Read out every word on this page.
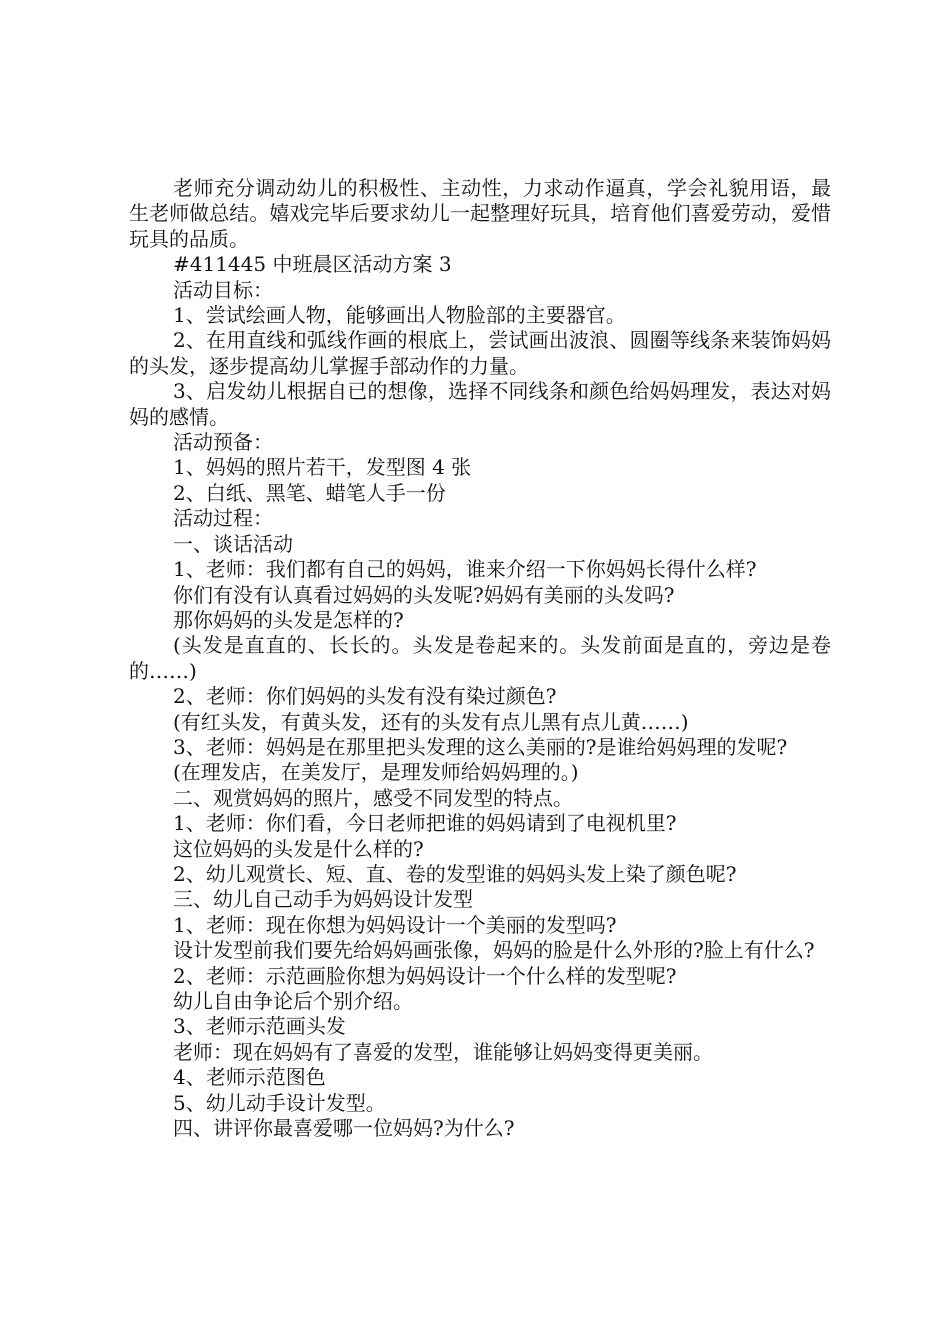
老师充分调动幼儿的积极性、主动性，力求动作逼真，学会礼貌用语，最生老师做总结。嬉戏完毕后要求幼儿一起整理好玩具，培育他们喜爱劳动，爱惜玩具的品质。

#411445 中班晨区活动方案 3

活动目标：

1、尝试绘画人物，能够画出人物脸部的主要器官。

2、在用直线和弧线作画的根底上，尝试画出波浪、圆圈等线条来装饰妈妈的头发，逐步提高幼儿掌握手部动作的力量。

3、启发幼儿根据自已的想像，选择不同线条和颜色给妈妈理发，表达对妈妈的感情。

活动预备：

1、妈妈的照片若干，发型图 4 张

2、白纸、黑笔、蜡笔人手一份

活动过程：

一、谈话活动

1、老师：我们都有自己的妈妈，谁来介绍一下你妈妈长得什么样?

你们有没有认真看过妈妈的头发呢?妈妈有美丽的头发吗?

那你妈妈的头发是怎样的?

(头发是直直的、长长的。头发是卷起来的。头发前面是直的，旁边是卷的……)

2、老师：你们妈妈的头发有没有染过颜色?

(有红头发，有黄头发，还有的头发有点儿黑有点儿黄……)

3、老师：妈妈是在那里把头发理的这么美丽的?是谁给妈妈理的发呢?

(在理发店，在美发厅，是理发师给妈妈理的。)

二、观赏妈妈的照片，感受不同发型的特点。

1、老师：你们看，今日老师把谁的妈妈请到了电视机里?

这位妈妈的头发是什么样的?

2、幼儿观赏长、短、直、卷的发型谁的妈妈头发上染了颜色呢?

三、幼儿自己动手为妈妈设计发型

1、老师：现在你想为妈妈设计一个美丽的发型吗?

设计发型前我们要先给妈妈画张像，妈妈的脸是什么外形的?脸上有什么?

2、老师：示范画脸你想为妈妈设计一个什么样的发型呢?

幼儿自由争论后个别介绍。

3、老师示范画头发

老师：现在妈妈有了喜爱的发型，谁能够让妈妈变得更美丽。

4、老师示范图色

5、幼儿动手设计发型。

四、讲评你最喜爱哪一位妈妈?为什么?
